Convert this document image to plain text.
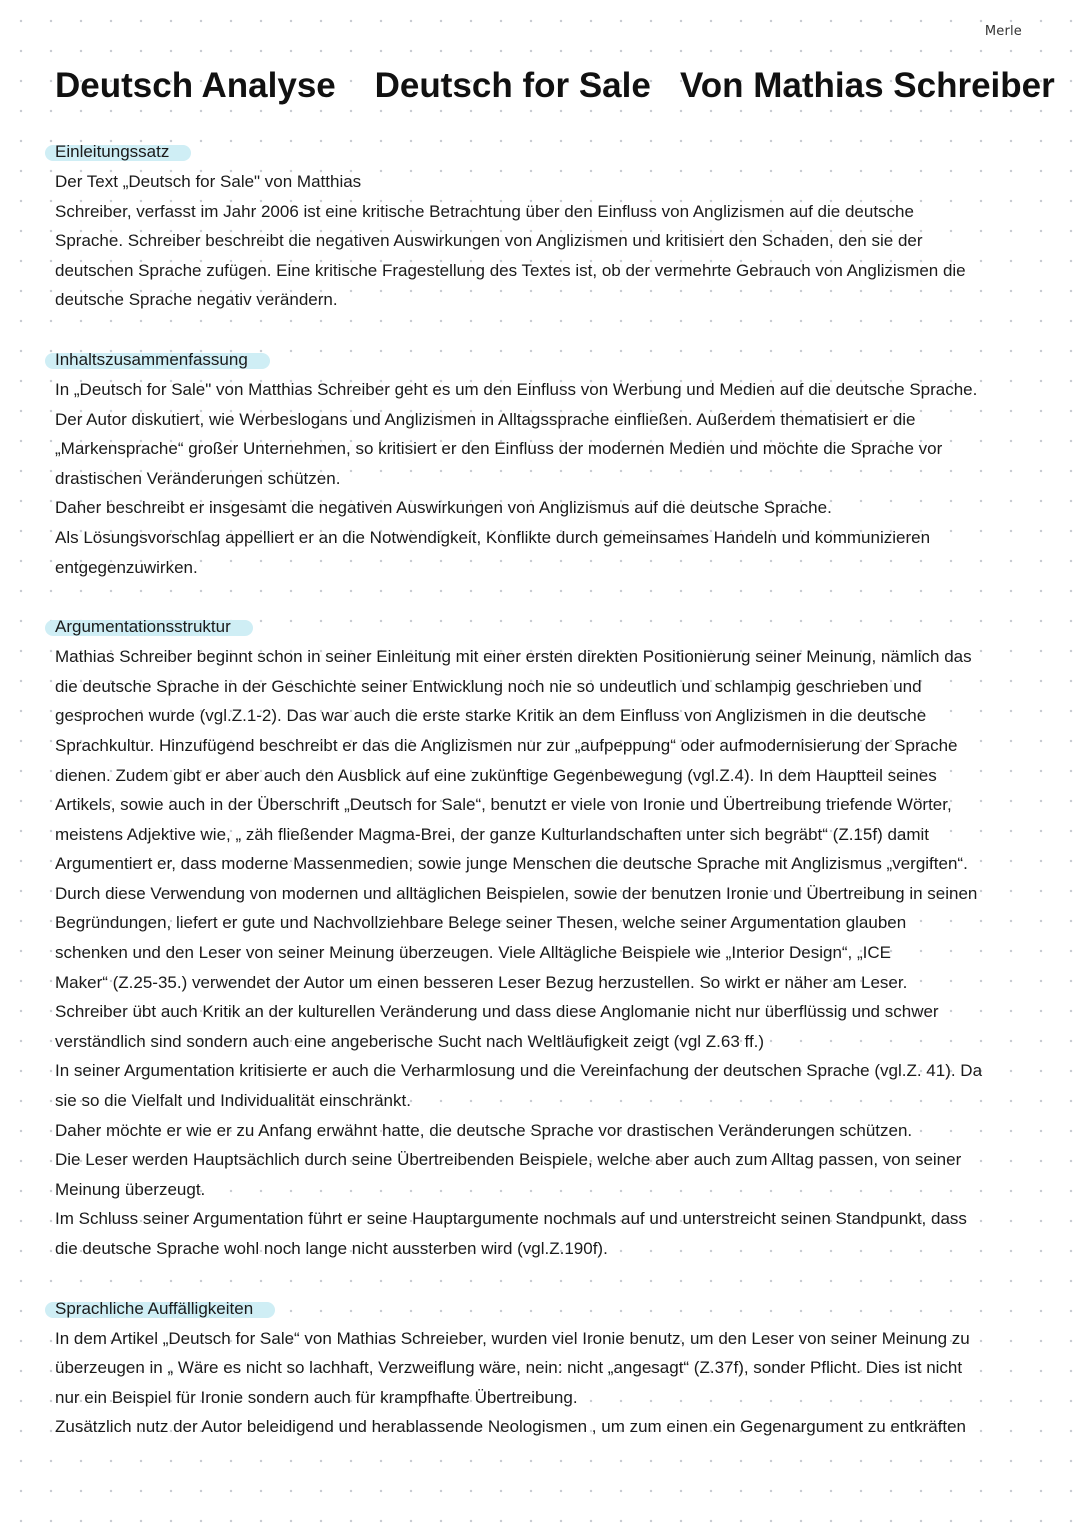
Merle
Deutsch Analyse    Deutsch for Sale   Von Mathias Schreiber
Einleitungssatz

Der Text „Deutsch for Sale" von Matthias
Schreiber, verfasst im Jahr 2006 ist eine kritische Betrachtung über den Einfluss von Anglizismen auf die deutsche
Sprache. Schreiber beschreibt die negativen Auswirkungen von Anglizismen und kritisiert den Schaden, den sie der
deutschen Sprache zufügen. Eine kritische Fragestellung des Textes ist, ob der vermehrte Gebrauch von Anglizismen die
deutsche Sprache negativ verändern.

Inhaltszusammenfassung

In „Deutsch for Sale" von Matthias Schreiber geht es um den Einfluss von Werbung und Medien auf die deutsche Sprache.
Der Autor diskutiert, wie Werbeslogans und Anglizismen in Alltagssprache einfließen. Außerdem thematisiert er die
„Markensprache“ großer Unternehmen, so kritisiert er den Einfluss der modernen Medien und möchte die Sprache vor
drastischen Veränderungen schützen.

Daher beschreibt er insgesamt die negativen Auswirkungen von Anglizismus auf die deutsche Sprache.

Als Lösungsvorschlag appelliert er an die Notwendigkeit, Konflikte durch gemeinsames Handeln und kommunizieren
entgegenzuwirken.

Argumentationsstruktur

Mathias Schreiber beginnt schon in seiner Einleitung mit einer ersten direkten Positionierung seiner Meinung, nämlich das
die deutsche Sprache in der Geschichte seiner Entwicklung noch nie so undeutlich und schlampig geschrieben und
gesprochen wurde (vgl.Z.1-2). Das war auch die erste starke Kritik an dem Einfluss von Anglizismen in die deutsche
Sprachkultur. Hinzufügend beschreibt er das die Anglizismen nur zur „aufpeppung“ oder aufmodernisierung der Sprache
dienen. Zudem gibt er aber auch den Ausblick auf eine zukünftige Gegenbewegung (vgl.Z.4). In dem Hauptteil seines
Artikels, sowie auch in der Überschrift „Deutsch for Sale“, benutzt er viele von Ironie und Übertreibung triefende Wörter,
meistens Adjektive wie, „ zäh fließender Magma-Brei, der ganze Kulturlandschaften unter sich begräbt“ (Z.15f) damit
Argumentiert er, dass moderne Massenmedien, sowie junge Menschen die deutsche Sprache mit Anglizismus „vergiften“.
Durch diese Verwendung von modernen und alltäglichen Beispielen, sowie der benutzen Ironie und Übertreibung in seinen
Begründungen, liefert er gute und Nachvollziehbare Belege seiner Thesen, welche seiner Argumentation glauben
schenken und den Leser von seiner Meinung überzeugen. Viele Alltägliche Beispiele wie „Interior Design“, „ICE
Maker“ (Z.25-35.) verwendet der Autor um einen besseren Leser Bezug herzustellen. So wirkt er näher am Leser.
Schreiber übt auch Kritik an der kulturellen Veränderung und dass diese Anglomanie nicht nur überflüssig und schwer
verständlich sind sondern auch eine angeberische Sucht nach Weltläufigkeit zeigt (vgl Z.63 ff.)

In seiner Argumentation kritisierte er auch die Verharmlosung und die Vereinfachung der deutschen Sprache (vgl.Z. 41). Da
sie so die Vielfalt und Individualität einschränkt.

Daher möchte er wie er zu Anfang erwähnt hatte, die deutsche Sprache vor drastischen Veränderungen schützen.

Die Leser werden Hauptsächlich durch seine Übertreibenden Beispiele, welche aber auch zum Alltag passen, von seiner
Meinung überzeugt.

Im Schluss seiner Argumentation führt er seine Hauptargumente nochmals auf und unterstreicht seinen Standpunkt, dass
die deutsche Sprache wohl noch lange nicht aussterben wird (vgl.Z.190f).

Sprachliche Auffälligkeiten

In dem Artikel „Deutsch for Sale“ von Mathias Schreieber, wurden viel Ironie benutz, um den Leser von seiner Meinung zu
überzeugen in „ Wäre es nicht so lachhaft, Verzweiflung wäre, nein: nicht „angesagt“ (Z.37f), sonder Pflicht. Dies ist nicht
nur ein Beispiel für Ironie sondern auch für krampfhafte Übertreibung.

Zusätzlich nutz der Autor beleidigend und herablassende Neologismen , um zum einen ein Gegenargument zu entkräften
